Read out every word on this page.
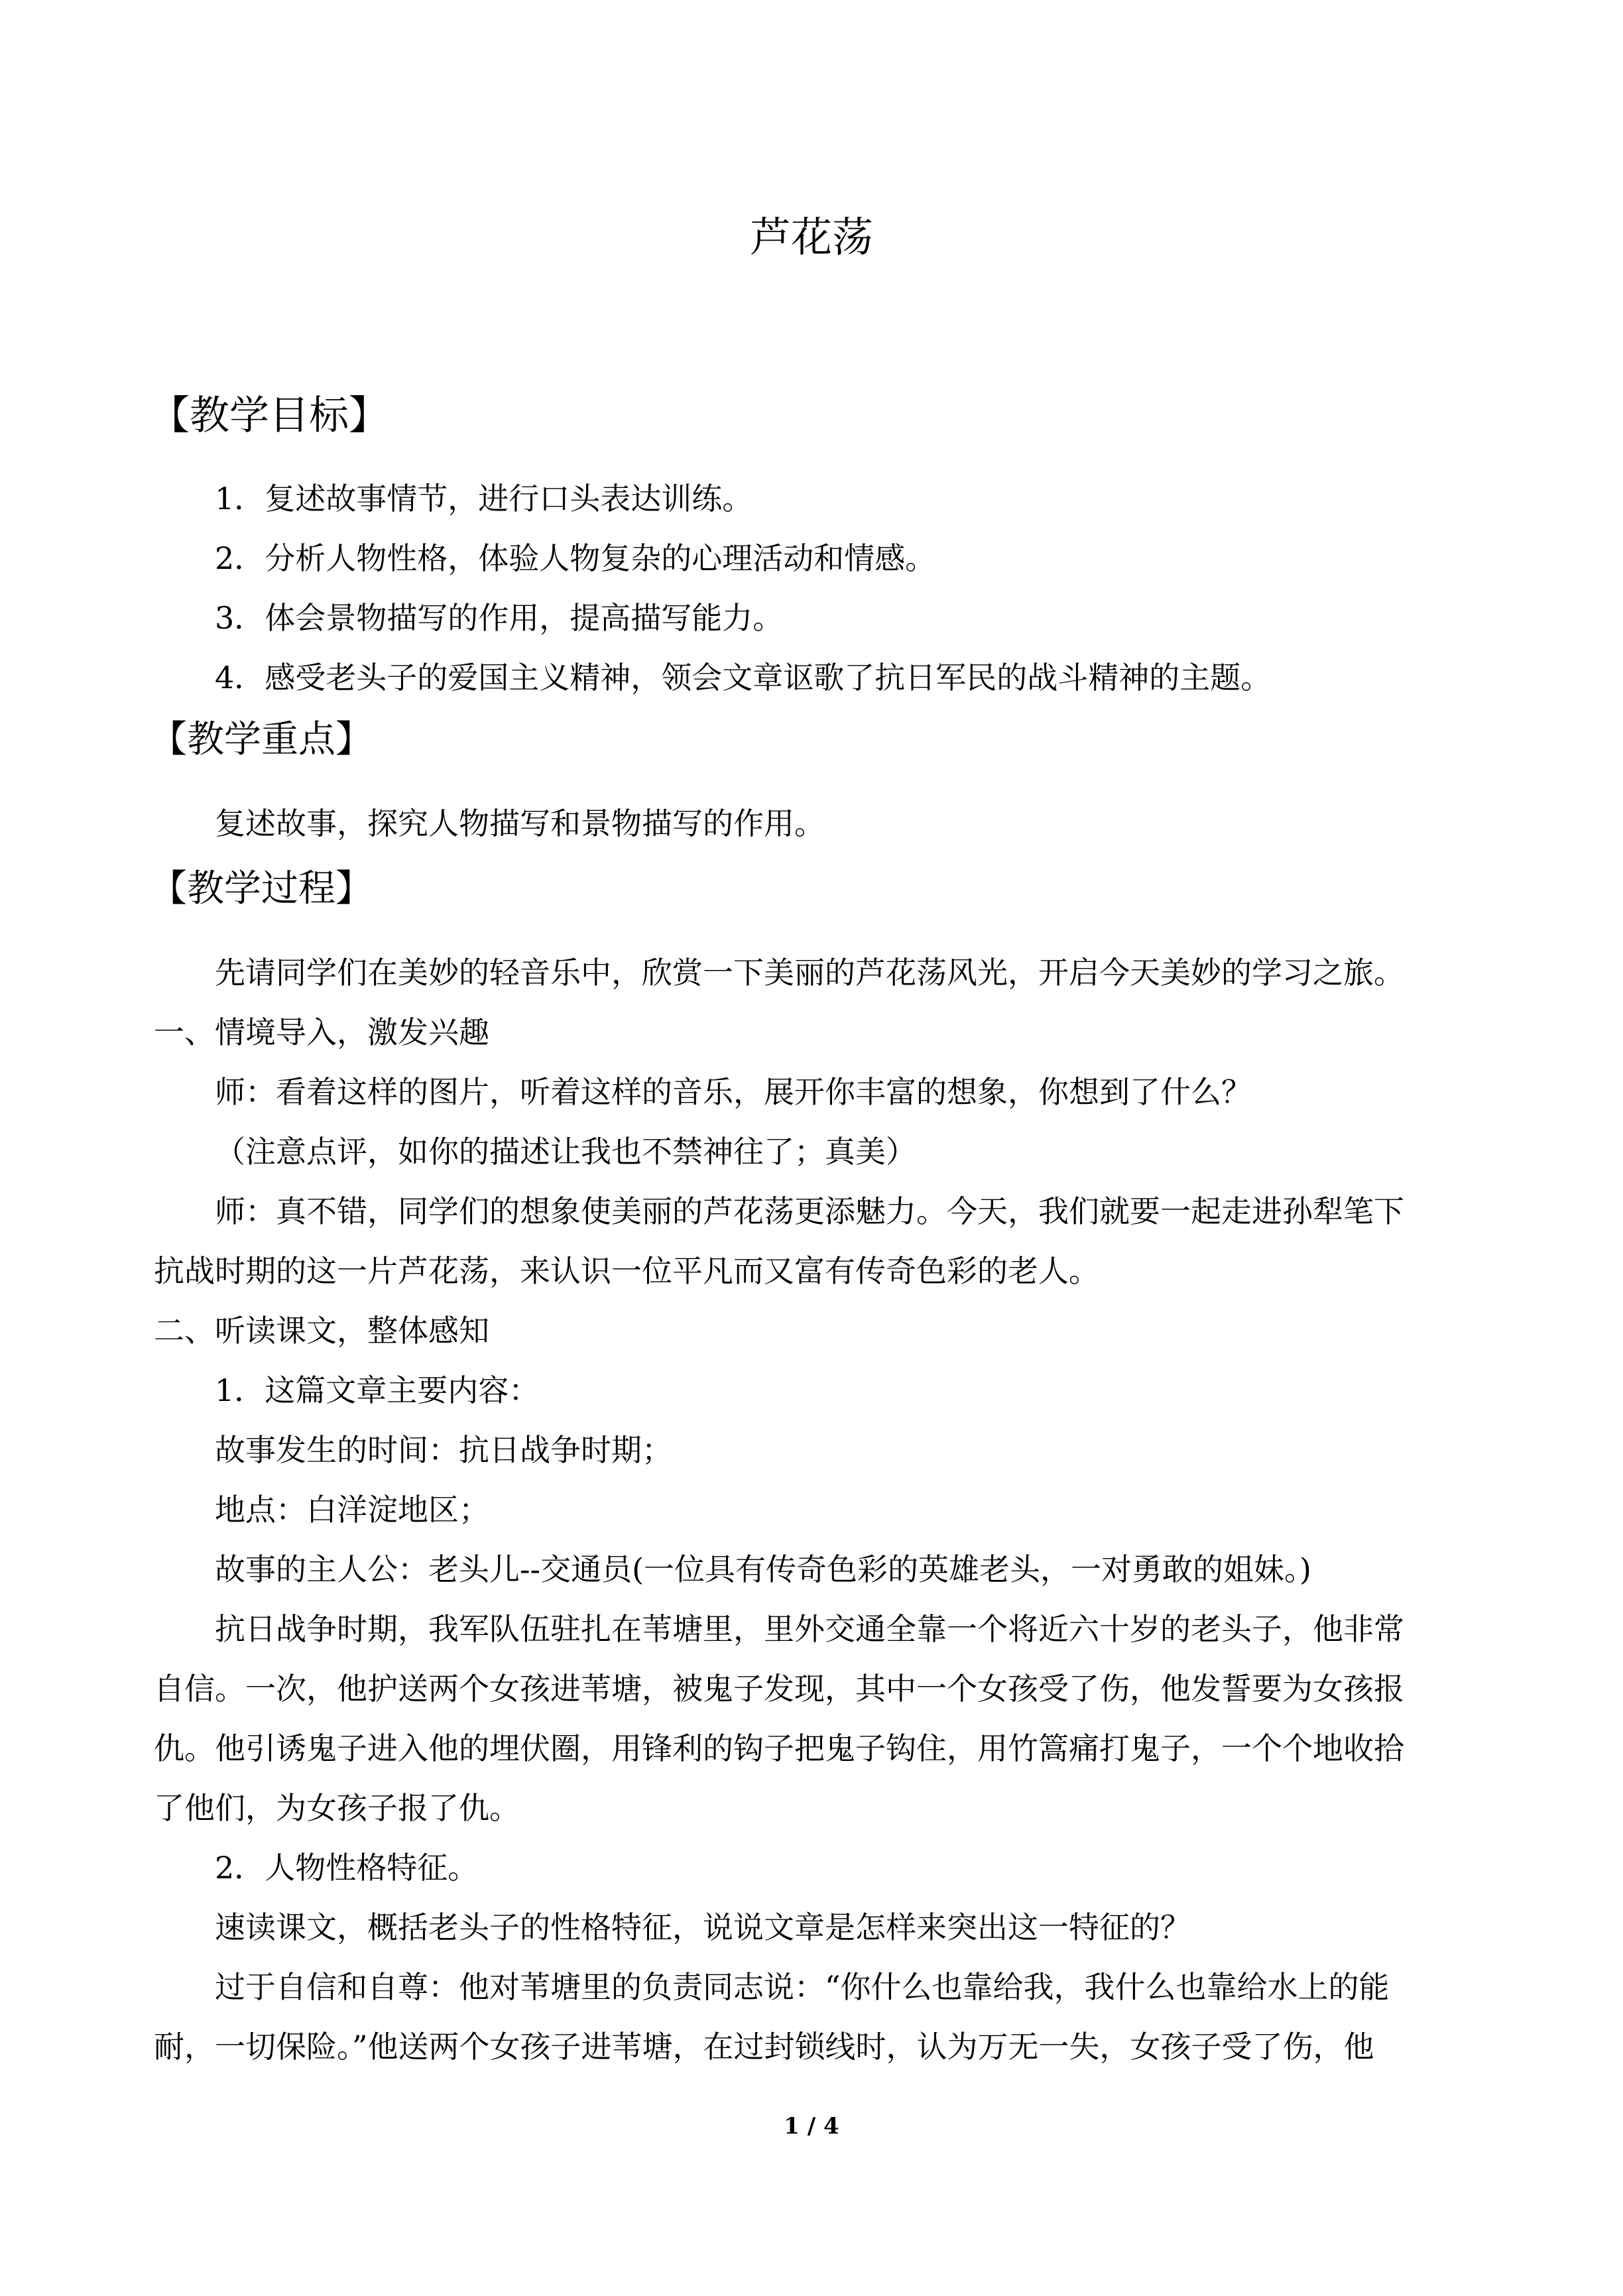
芦花荡
【教学目标】
1．复述故事情节，进行口头表达训练。
2．分析人物性格，体验人物复杂的心理活动和情感。
3．体会景物描写的作用，提高描写能力。
4．感受老头子的爱国主义精神，领会文章讴歌了抗日军民的战斗精神的主题。
【教学重点】
复述故事，探究人物描写和景物描写的作用。
【教学过程】
先请同学们在美妙的轻音乐中，欣赏一下美丽的芦花荡风光，开启今天美妙的学习之旅。
一、情境导入，激发兴趣
师：看着这样的图片，听着这样的音乐，展开你丰富的想象，你想到了什么？
（注意点评，如你的描述让我也不禁神往了；真美）
师：真不错，同学们的想象使美丽的芦花荡更添魅力。今天，我们就要一起走进孙犁笔下
抗战时期的这一片芦花荡，来认识一位平凡而又富有传奇色彩的老人。
二、听读课文，整体感知
1．这篇文章主要内容：
故事发生的时间：抗日战争时期；
地点：白洋淀地区；
故事的主人公：老头儿--交通员(一位具有传奇色彩的英雄老头，一对勇敢的姐妹。)
抗日战争时期，我军队伍驻扎在苇塘里，里外交通全靠一个将近六十岁的老头子，他非常
自信。一次，他护送两个女孩进苇塘，被鬼子发现，其中一个女孩受了伤，他发誓要为女孩报
仇。他引诱鬼子进入他的埋伏圈，用锋利的钩子把鬼子钩住，用竹篙痛打鬼子，一个个地收拾
了他们，为女孩子报了仇。
2．人物性格特征。
速读课文，概括老头子的性格特征，说说文章是怎样来突出这一特征的？
过于自信和自尊：他对苇塘里的负责同志说：“你什么也靠给我，我什么也靠给水上的能
耐，一切保险。”他送两个女孩子进苇塘，在过封锁线时，认为万无一失，女孩子受了伤，他
1 / 4
